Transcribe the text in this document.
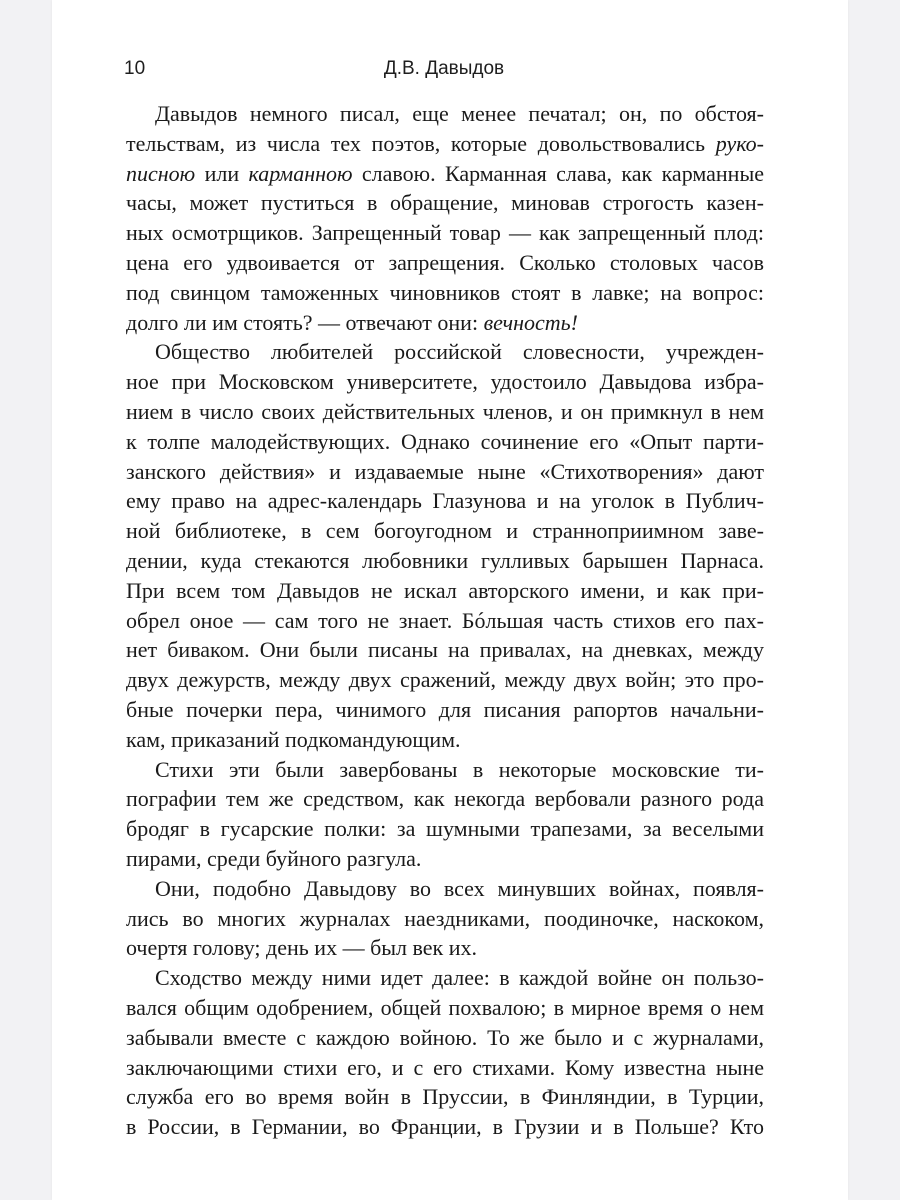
10	Д.В. Давыдов
Давыдов немного писал, еще менее печатал; он, по обстоя-
тельствам, из числа тех поэтов, которые довольствовались руко-
писною или карманною славою. Карманная слава, как карманные
часы, может пуститься в обращение, миновав строгость казен-
ных осмотрщиков. Запрещенный товар — как запрещенный плод:
цена его удвоивается от запрещения. Сколько столовых часов
под свинцом таможенных чиновников стоят в лавке; на вопрос:
долго ли им стоять? — отвечают они: вечность!
Общество любителей российской словесности, учрежден-
ное при Московском университете, удостоило Давыдова избра-
нием в число своих действительных членов, и он примкнул в нем
к толпе малодействующих. Однако сочинение его «Опыт парти-
занского действия» и издаваемые ныне «Стихотворения» дают
ему право на адрес-календарь Глазунова и на уголок в Публич-
ной библиотеке, в сем богоугодном и страннoприимном заве-
дении, куда стекаются любовники гулливых барышен Парнаса.
При всем том Давыдов не искал авторского имени, и как при-
обрел оное — сам того не знает. Бóльшая часть стихов его пах-
нет биваком. Они были писаны на привалах, на дневках, между
двух дежурств, между двух сражений, между двух войн; это про-
бные почерки пера, чинимого для писания рапортов начальни-
кам, приказаний подкомандующим.
Стихи эти были завербованы в некоторые московские ти-
пографии тем же средством, как некогда вербовали разного рода
бродяг в гусарские полки: за шумными трапезами, за веселыми
пирами, среди буйного разгула.
Они, подобно Давыдову во всех минувших войнах, появля-
лись во многих журналах наездниками, поодиночке, наскоком,
очертя голову; день их — был век их.
Сходство между ними идет далее: в каждой войне он пользо-
вался общим одобрением, общей похвалою; в мирное время о нем
забывали вместе с каждою войною. То же было и с журналами,
заключающими стихи его, и с его стихами. Кому известна ныне
служба его во время войн в Пруссии, в Финляндии, в Турции,
в России, в Германии, во Франции, в Грузии и в Польше? Кто
